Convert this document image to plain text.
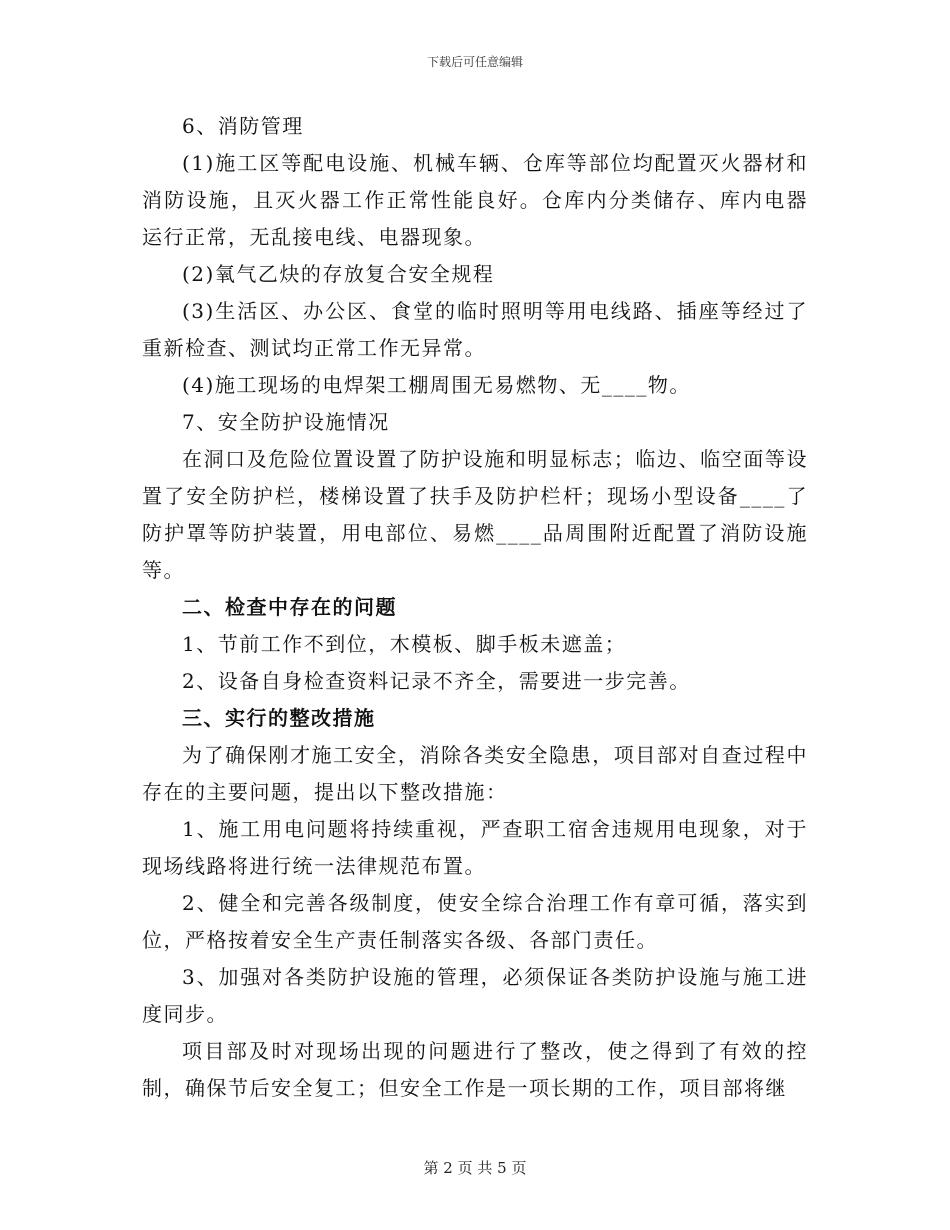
下载后可任意编辑

6、消防管理

(1)施工区等配电设施、机械车辆、仓库等部位均配置灭火器材和消防设施，且灭火器工作正常性能良好。仓库内分类储存、库内电器运行正常，无乱接电线、电器现象。

(2)氧气乙炔的存放复合安全规程

(3)生活区、办公区、食堂的临时照明等用电线路、插座等经过了重新检查、测试均正常工作无异常。

(4)施工现场的电焊架工棚周围无易燃物、无____物。

7、安全防护设施情况

在洞口及危险位置设置了防护设施和明显标志；临边、临空面等设置了安全防护栏，楼梯设置了扶手及防护栏杆；现场小型设备____了防护罩等防护装置，用电部位、易燃____品周围附近配置了消防设施等。

二、检查中存在的问题

1、节前工作不到位，木模板、脚手板未遮盖；

2、设备自身检查资料记录不齐全，需要进一步完善。

三、实行的整改措施

为了确保刚才施工安全，消除各类安全隐患，项目部对自查过程中存在的主要问题，提出以下整改措施：

1、施工用电问题将持续重视，严查职工宿舍违规用电现象，对于现场线路将进行统一法律规范布置。

2、健全和完善各级制度，使安全综合治理工作有章可循，落实到位，严格按着安全生产责任制落实各级、各部门责任。

3、加强对各类防护设施的管理，必须保证各类防护设施与施工进度同步。

项目部及时对现场出现的问题进行了整改，使之得到了有效的控制，确保节后安全复工；但安全工作是一项长期的工作，项目部将继

第 2 页 共 5 页
